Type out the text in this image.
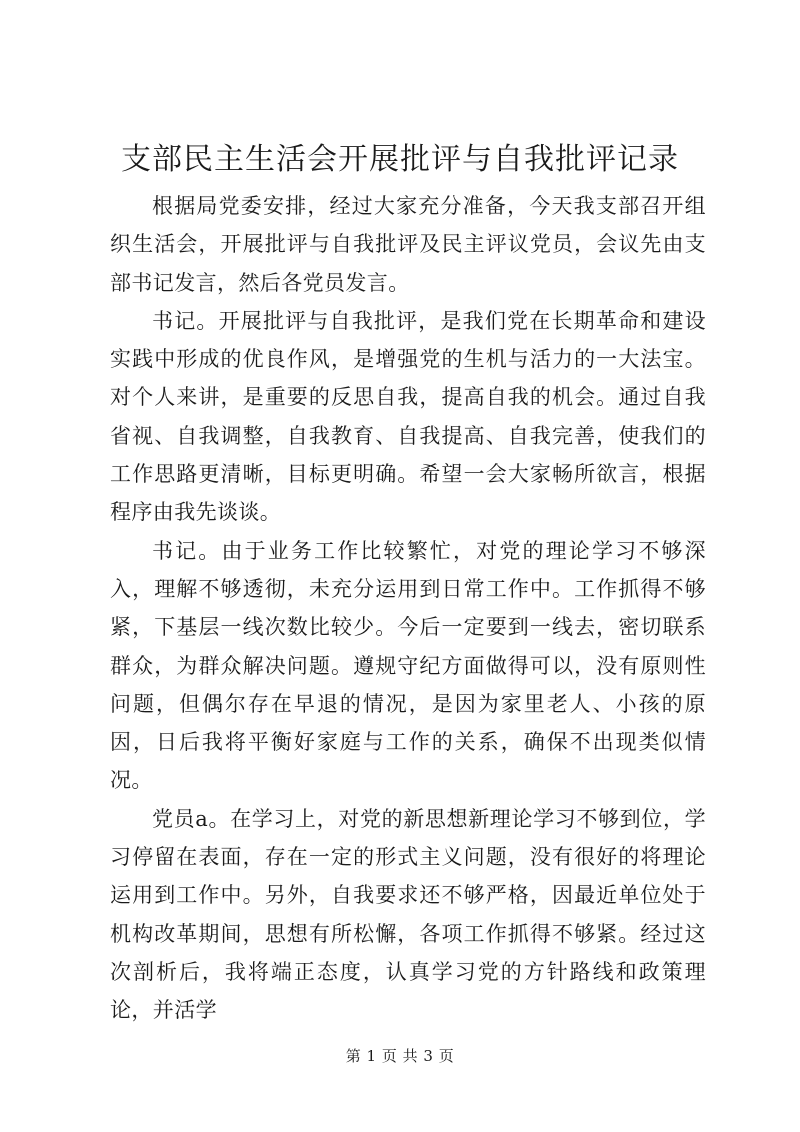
支部民主生活会开展批评与自我批评记录

根据局党委安排，经过大家充分准备，今天我支部召开组织生活会，开展批评与自我批评及民主评议党员，会议先由支部书记发言，然后各党员发言。

书记。开展批评与自我批评，是我们党在长期革命和建设实践中形成的优良作风，是增强党的生机与活力的一大法宝。对个人来讲，是重要的反思自我，提高自我的机会。通过自我省视、自我调整，自我教育、自我提高、自我完善，使我们的工作思路更清晰，目标更明确。希望一会大家畅所欲言，根据程序由我先谈谈。

书记。由于业务工作比较繁忙，对党的理论学习不够深入，理解不够透彻，未充分运用到日常工作中。工作抓得不够紧，下基层一线次数比较少。今后一定要到一线去，密切联系群众，为群众解决问题。遵规守纪方面做得可以，没有原则性问题，但偶尔存在早退的情况，是因为家里老人、小孩的原因，日后我将平衡好家庭与工作的关系，确保不出现类似情况。

党员a。在学习上，对党的新思想新理论学习不够到位，学习停留在表面，存在一定的形式主义问题，没有很好的将理论运用到工作中。另外，自我要求还不够严格，因最近单位处于机构改革期间，思想有所松懈，各项工作抓得不够紧。经过这次剖析后，我将端正态度，认真学习党的方针路线和政策理论，并活学

第 1 页 共 3 页
